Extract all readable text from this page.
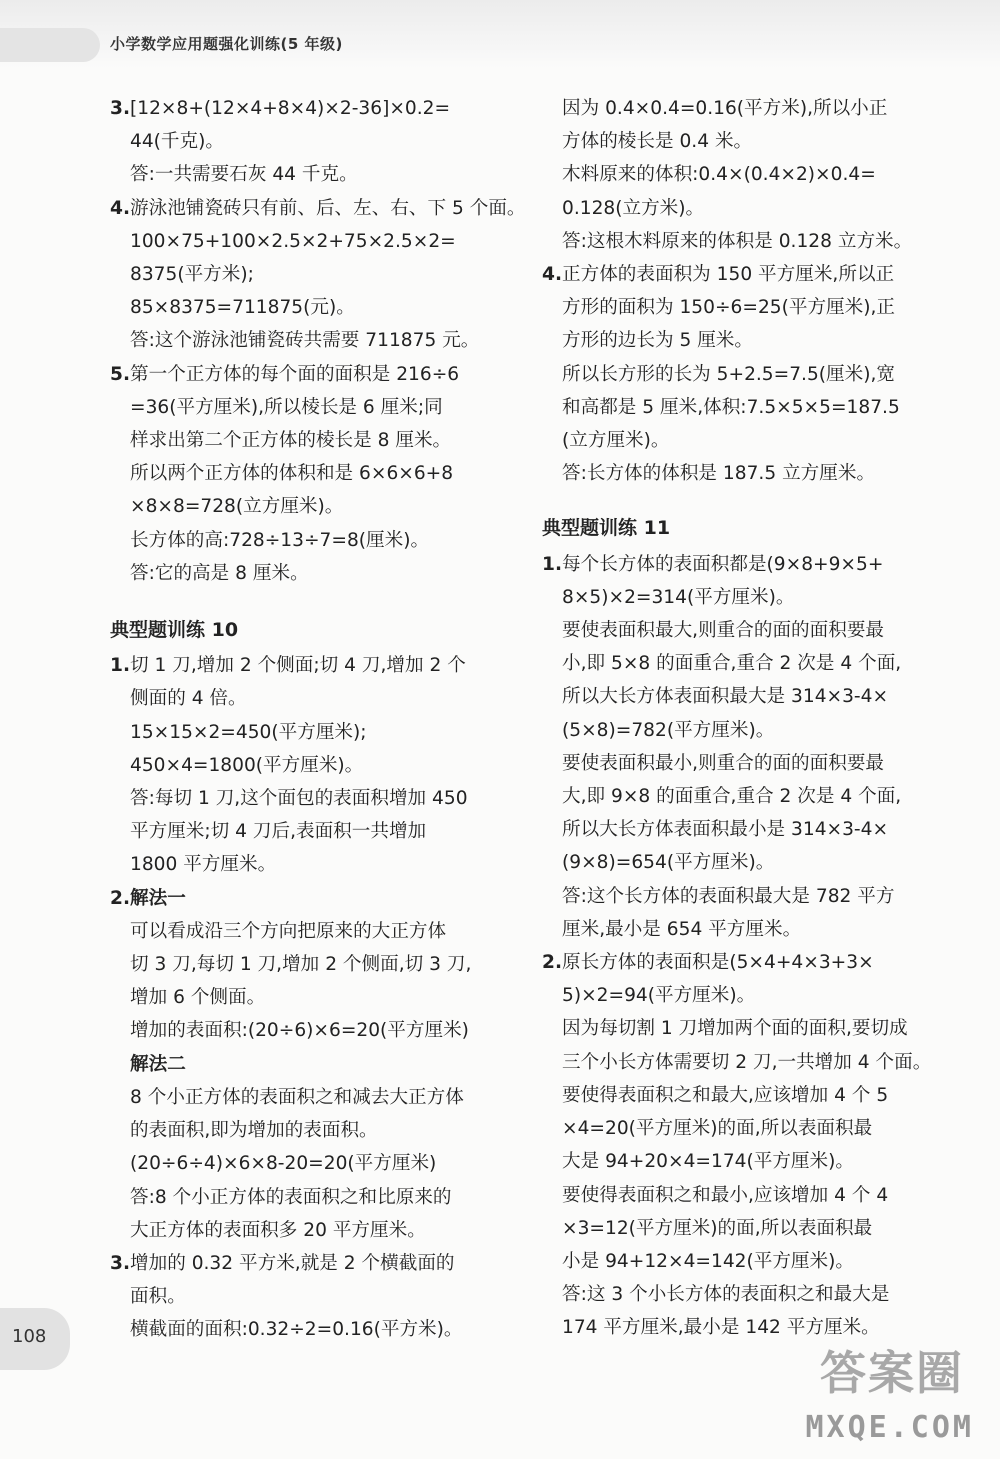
小学数学应用题强化训练(5 年级)
3. [12×8+(12×4+8×4)×2-36]×0.2=
44(千克)。
答:一共需要石灰 44 千克。
4. 游泳池铺瓷砖只有前、后、左、右、下 5 个面。
100×75+100×2.5×2+75×2.5×2=
8375(平方米);
85×8375=711875(元)。
答:这个游泳池铺瓷砖共需要 711875 元。
5. 第一个正方体的每个面的面积是 216÷6
=36(平方厘米),所以棱长是 6 厘米;同
样求出第二个正方体的棱长是 8 厘米。
所以两个正方体的体积和是 6×6×6+8
×8×8=728(立方厘米)。
长方体的高:728÷13÷7=8(厘米)。
答:它的高是 8 厘米。
典型题训练 10
1. 切 1 刀,增加 2 个侧面;切 4 刀,增加 2 个
侧面的 4 倍。
15×15×2=450(平方厘米);
450×4=1800(平方厘米)。
答:每切 1 刀,这个面包的表面积增加 450
平方厘米;切 4 刀后,表面积一共增加
1800 平方厘米。
2. 解法一
可以看成沿三个方向把原来的大正方体
切 3 刀,每切 1 刀,增加 2 个侧面,切 3 刀,
增加 6 个侧面。
增加的表面积:(20÷6)×6=20(平方厘米)
解法二
8 个小正方体的表面积之和减去大正方体
的表面积,即为增加的表面积。
(20÷6÷4)×6×8-20=20(平方厘米)
答:8 个小正方体的表面积之和比原来的
大正方体的表面积多 20 平方厘米。
3. 增加的 0.32 平方米,就是 2 个横截面的
面积。
横截面的面积:0.32÷2=0.16(平方米)。
因为 0.4×0.4=0.16(平方米),所以小正
方体的棱长是 0.4 米。
木料原来的体积:0.4×(0.4×2)×0.4=
0.128(立方米)。
答:这根木料原来的体积是 0.128 立方米。
4. 正方体的表面积为 150 平方厘米,所以正
方形的面积为 150÷6=25(平方厘米),正
方形的边长为 5 厘米。
所以长方形的长为 5+2.5=7.5(厘米),宽
和高都是 5 厘米,体积:7.5×5×5=187.5
(立方厘米)。
答:长方体的体积是 187.5 立方厘米。
典型题训练 11
1. 每个长方体的表面积都是(9×8+9×5+
8×5)×2=314(平方厘米)。
要使表面积最大,则重合的面的面积要最
小,即 5×8 的面重合,重合 2 次是 4 个面,
所以大长方体表面积最大是 314×3-4×
(5×8)=782(平方厘米)。
要使表面积最小,则重合的面的面积要最
大,即 9×8 的面重合,重合 2 次是 4 个面,
所以大长方体表面积最小是 314×3-4×
(9×8)=654(平方厘米)。
答:这个长方体的表面积最大是 782 平方
厘米,最小是 654 平方厘米。
2. 原长方体的表面积是(5×4+4×3+3×
5)×2=94(平方厘米)。
因为每切割 1 刀增加两个面的面积,要切成
三个小长方体需要切 2 刀,一共增加 4 个面。
要使得表面积之和最大,应该增加 4 个 5
×4=20(平方厘米)的面,所以表面积最
大是 94+20×4=174(平方厘米)。
要使得表面积之和最小,应该增加 4 个 4
×3=12(平方厘米)的面,所以表面积最
小是 94+12×4=142(平方厘米)。
答:这 3 个小长方体的表面积之和最大是
174 平方厘米,最小是 142 平方厘米。
108
答案圈
MXQE.COM
